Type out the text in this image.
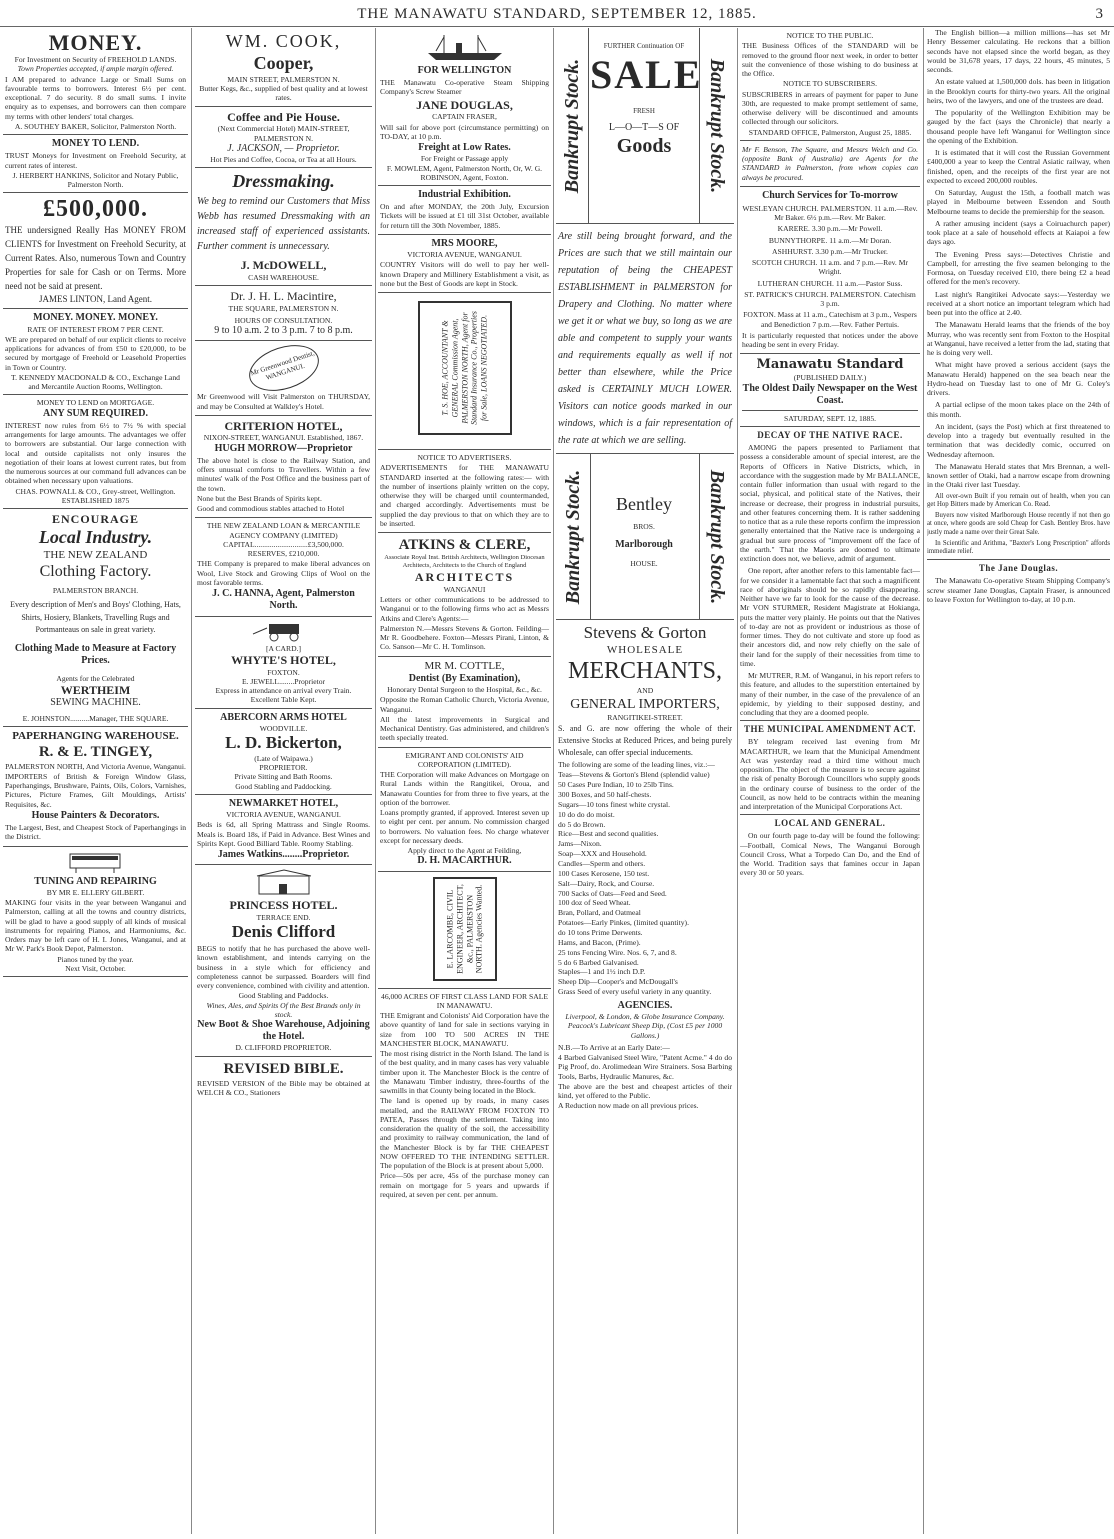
THE MANAWATU STANDARD, SEPTEMBER 12, 1885.	3
MONEY.
For Investment on Security of FREEHOLD LANDS.
Town Properties accepted, if ample margin offered.

I AM prepared to advance Large or Small Sums on favourable terms to borrowers. Interest 6½ per cent. exceptional. 7 do security. 8 do small sums. I invite enquiry as to expenses, and borrowers can then compare my terms with other lenders' total charges.

A. SOUTHEY BAKER, Solicitor, Palmerston North.
MONEY TO LEND.

TRUST Moneys for Investment on Freehold Security, at current rates of interest.

J. HERBERT HANKINS, Solicitor and Notary Public, Palmerston North.
£500,000.

THE undersigned Really Has MONEY FROM CLIENTS for Investment on Freehold Security, at Current Rates. Also, numerous Town and Country Properties for sale for Cash or on Terms. More need not be said at present.

JAMES LINTON, Land Agent.
MONEY. MONEY. MONEY.
RATE OF INTEREST FROM 7 PER CENT.

WE are prepared on behalf of our explicit clients to receive applications for advances of from £50 to £20,000, to be secured by mortgage of Freehold or Leasehold Properties in Town or Country.

T. KENNEDY MACDONALD & CO., Exchange Land and Mercantile Auction Rooms, Wellington.
MONEY TO LEND on MORTGAGE.
ANY SUM REQUIRED.

INTEREST now rules from 6½ to 7½ % with special arrangements for large amounts. The advantages we offer to borrowers are substantial. Our large connection with local and outside capitalists not only insures the negotiation of their loans at lowest current rates, but from the numerous sources at our command full advances can be obtained when necessary upon valuations.

CHAS. POWNALL & CO., Grey-street, Wellington. ESTABLISHED 1875
ENCOURAGE
Local Industry.
THE NEW ZEALAND
Clothing Factory.
PALMERSTON BRANCH.
Every description of Men's and Boys' Clothing, Hats, Shirts, Hosiery, Blankets, Travelling Rugs and Portmanteaus on sale in great variety.
Clothing Made to Measure at Factory Prices.
Agents for the Celebrated
WERTHEIM
SEWING MACHINE.
E. JOHNSTON..........Manager, THE SQUARE.
PAPERHANGING WAREHOUSE.
R. & E. TINGEY,
PALMERSTON NORTH, And Victoria Avenue, Wanganui.

IMPORTERS of British & Foreign Window Glass, Paperhangings, Brushware, Paints, Oils, Colors, Varnishes, Pictures, Picture Frames, Gilt Mouldings, Artists' Requisites, &c.

House Painters & Decorators.

The Largest, Best, and Cheapest Stock of Paperhangings in the District.

TUNING AND REPAIRING
BY MR E. ELLERY GILBERT.

MAKING four visits in the year between Wanganui and Palmerston, calling at all the towns and country districts, will be glad to have a good supply of all kinds of musical instruments for repairing Pianos, and Harmoniums, &c. Orders may be left care of H. I. Jones, Wanganui, and at Mr W. Park's Book Depot, Palmerston.

Pianos tuned by the year.
Next Visit, October.
WM. COOK,
Cooper,
MAIN STREET, PALMERSTON N.
Butter Kegs, &c., supplied of best quality and at lowest rates.
Coffee and Pie House.
(Next Commercial Hotel) MAIN-STREET, PALMERSTON N.
J. JACKSON, — Proprietor.
Hot Pies and Coffee, Cocoa, or Tea at all Hours.
Dressmaking.

We beg to remind our Customers that Miss Webb has resumed Dressmaking with an increased staff of experienced assistants. Further comment is unnecessary.

J. McDOWELL,
CASH WAREHOUSE.
Dr. J. H. L. Macintire,
THE SQUARE, PALMERSTON N.
HOURS OF CONSULTATION.
9 to 10 a.m. 2 to 3 p.m. 7 to 8 p.m.
Mr Greenwood Dentist, WANGANUI.

Mr Greenwood will Visit Palmerston on THURSDAY, and may be Consulted at Walkley's Hotel.

CRITERION HOTEL,
NIXON-STREET, WANGANUI. Established, 1867.
HUGH MORROW—Proprietor

The above hotel is close to the Railway Station, and offers unusual comforts to Travellers. Within a few minutes' walk of the Post Office and the business part of the town.

None but the Best Brands of Spirits kept.

Good and commodious stables attached to Hotel

THE NEW ZEALAND LOAN & MERCANTILE AGENCY COMPANY (LIMITED)
CAPITAL............................£3,500,000.
RESERVES, £210,000.

THE Company is prepared to make liberal advances on Wool, Live Stock and Growing Clips of Wool on the most favorable terms.

J. C. HANNA, Agent, Palmerston North.
[A CARD.]
WHYTE'S HOTEL,
FOXTON.
E. JEWELL........Proprietor
Express in attendance on arrival every Train.
Excellent Table Kept.
ABERCORN ARMS HOTEL
WOODVILLE.
L. D. Bickerton,
(Late of Waipawa.)
PROPRIETOR.
Private Sitting and Bath Rooms.
Good Stabling and Paddocking.
NEWMARKET HOTEL,
VICTORIA AVENUE, WANGANUI.

Beds is 6d, all Spring Mattrass and Single Rooms. Meals is. Board 18s, if Paid in Advance. Best Wines and Spirits Kept. Good Billiard Table. Roomy Stabling.

James Watkins........Proprietor.
PRINCESS HOTEL.
TERRACE END.
Denis Clifford

BEGS to notify that he has purchased the above well-known establishment, and intends carrying on the business in a style which for efficiency and completeness cannot be surpassed. Boarders will find every convenience, combined with civility and attention.

Good Stabling and Paddocks.
Wines, Ales, and Spirits Of the Best Brands only in stock.
New Boot & Shoe Warehouse, Adjoining the Hotel.
D. CLIFFORD PROPRIETOR.
REVISED BIBLE.

REVISED VERSION of the Bible may be obtained at WELCH & CO., Stationers

FOR WELLINGTON

THE Manawatu Co-operative Steam Shipping Company's Screw Steamer

JANE DOUGLAS,
CAPTAIN FRASER,

Will sail for above port (circumstance permitting) on TO-DAY, at 10 p.m.

Freight at Low Rates.
For Freight or Passage apply
F. MOWLEM, Agent, Palmerston North, Or, W. G. ROBINSON, Agent, Foxton.
Industrial Exhibition.

On and after MONDAY, the 20th July, Excursion Tickets will be issued at £1 till 31st October, available for return till the 30th November, 1885.

MRS MOORE,
VICTORIA AVENUE, WANGANUI.

COUNTRY Visitors will do well to pay her well-known Drapery and Millinery Establishment a visit, as none but the Best of Goods are kept in Stock.

T. S. HOE, ACCOUNTANT & GENERAL Commission Agent, PALMERSTON NORTH, Agent for Standard Insurance Co., Properties for Sale, LOANS NEGOTIATED.
NOTICE TO ADVERTISERS.

ADVERTISEMENTS for THE MANAWATU STANDARD inserted at the following rates:— with the number of insertions plainly written on the copy, otherwise they will be charged until countermanded, and charged accordingly. Advertisements must be supplied the day previous to that on which they are to be inserted.

ATKINS & CLERE,
Associate Royal Inst. British Architects, Wellington Diocesan Architects, Architects to the Church of England
ARCHITECTS
WANGANUI

Letters or other communications to be addressed to Wanganui or to the following firms who act as Messrs Atkins and Clere's Agents:—

Palmerston N.—Messrs Stevens & Gorton. Feilding—Mr R. Goodbehere. Foxton—Messrs Pirani, Linton, & Co. Sanson—Mr C. H. Tomlinson.

MR M. COTTLE,
Dentist (By Examination),
Honorary Dental Surgeon to the Hospital, &c., &c.

Opposite the Roman Catholic Church, Victoria Avenue, Wanganui.

All the latest improvements in Surgical and Mechanical Dentistry. Gas administered, and children's teeth specially treated.

EMIGRANT AND COLONISTS' AID CORPORATION (LIMITED).

THE Corporation will make Advances on Mortgage on Rural Lands within the Rangitikei, Oroua, and Manawatu Counties for from three to five years, at the option of the borrower.

Loans promptly granted, if approved. Interest seven up to eight per cent. per annum. No commission charged to borrowers. No valuation fees. No charge whatever except for necessary deeds.

Apply direct to the Agent at Feilding,
D. H. MACARTHUR.
E. LARCOMBE, CIVIL ENGINEER, ARCHITECT, &c., PALMERSTON NORTH. Agencies Wanted.
46,000 ACRES OF FIRST CLASS LAND FOR SALE IN MANAWATU.

THE Emigrant and Colonists' Aid Corporation have the above quantity of land for sale in sections varying in size from 100 TO 500 ACRES IN THE MANCHESTER BLOCK, MANAWATU.

The most rising district in the North Island. The land is of the best quality, and in many cases has very valuable timber upon it. The Manchester Block is the centre of the Manawatu Timber industry, three-fourths of the sawmills in that County being located in the Block.

The land is opened up by roads, in many cases metalled, and the RAILWAY FROM FOXTON TO PATEA, Passes through the settlement. Taking into consideration the quality of the soil, the accessibility and proximity to railway communication, the land of the Manchester Block is by far THE CHEAPEST NOW OFFERED TO THE INTENDING SETTLER. The population of the Block is at present about 5,000.

Price—50s per acre, 45s of the purchase money can remain on mortgage for 5 years and upwards if required, at seven per cent. per annum.

Bankrupt Stock.	Bankrupt Stock.
FURTHER Continuation OF
SALE
FRESH
L—O—T—S OF
Goods

Are still being brought forward, and the Prices are such that we still maintain our reputation of being the CHEAPEST ESTABLISHMENT in PALMERSTON for Drapery and Clothing. No matter where we get it or what we buy, so long as we are able and competent to supply your wants and requirements equally as well if not better than elsewhere, while the Price asked is CERTAINLY MUCH LOWER. Visitors can notice goods marked in our windows, which is a fair representation of the rate at which we are selling.

Bankrupt Stock.	Bankrupt Stock.
Bentley
BROS.
Marlborough
HOUSE.
Stevens & Gorton
WHOLESALE
MERCHANTS,
AND
GENERAL IMPORTERS,
RANGITIKEI-STREET.

S. and G. are now offering the whole of their Extensive Stocks at Reduced Prices, and being purely Wholesale, can offer special inducements.

The following are some of the leading lines, viz.:—

Teas—Stevens & Gorton's Blend (splendid value)
50 Cases Pure Indian, 10 to 25lb Tins.
300 Boxes, and 50 half-chests.
Sugars—10 tons finest white crystal.
10 do do do moist.
do 5 do Brown.
Rice—Best and second qualities.
Jams—Nixon.
Soap—XXX and Household.
Candles—Sperm and others.
100 Cases Kerosene, 150 test.
Salt—Dairy, Rock, and Course.
700 Sacks of Oats—Feed and Seed.
100 doz of Seed Wheat.
Bran, Pollard, and Oatmeal
Potatoes—Early Pinkes, (limited quantity).
do 10 tons Prime Derwents.
Hams, and Bacon, (Prime).
25 tons Fencing Wire. Nos. 6, 7, and 8.
5 do 6 Barbed Galvanised.
Staples—1 and 1½ inch D.P.
Sheep Dip—Cooper's and McDougall's
Grass Seed of every useful variety in any quantity.
AGENCIES.
Liverpool, & London, & Globe Insurance Company.
Peacock's Lubricant Sheep Dip, (Cost £5 per 1000 Gallons.)
N.B.—To Arrive at an Early Date:—

4 Barbed Galvanised Steel Wire, "Patent Acme." 4 do do Pig Proof, do. Arolimedean Wire Strainers. Sosa Barbing Tools, Barbs, Hydraulic Manures, &c.

The above are the best and cheapest articles of their kind, yet offered to the Public.

A Reduction now made on all previous prices.

NOTICE TO THE PUBLIC.

THE Business Offices of the STANDARD will be removed to the ground floor next week, in order to better suit the convenience of those wishing to do business at the Office.

NOTICE TO SUBSCRIBERS.

SUBSCRIBERS in arrears of payment for paper to June 30th, are requested to make prompt settlement of same, otherwise delivery will be discontinued and amounts collected through our solicitors.

STANDARD OFFICE, Palmerston, August 25, 1885.

Mr F. Benson, The Square, and Messrs Welch and Co. (opposite Bank of Australia) are Agents for the STANDARD in Palmerston, from whom copies can always be procured.

Church Services for To-morrow
WESLEYAN CHURCH. PALMERSTON. 11 a.m.—Rev. Mr Baker. 6½ p.m.—Rev. Mr Baker.
KARERE. 3.30 p.m.—Mr Powell.
BUNNYTHORPE. 11 a.m.—Mr Doran.
ASHHURST. 3.30 p.m.—Mr Trucker.
SCOTCH CHURCH. 11 a.m. and 7 p.m.—Rev. Mr Wright.
LUTHERAN CHURCH. 11 a.m.—Pastor Suss.
ST. PATRICK'S CHURCH. PALMERSTON. Catechism 3 p.m.
FOXTON. Mass at 11 a.m., Catechism at 3 p.m., Vespers and Benediction 7 p.m.—Rev. Father Pertuis.

It is particularly requested that notices under the above heading be sent in every Friday.

Manawatu Standard
(PUBLISHED DAILY.)
The Oldest Daily Newspaper on the West Coast.
SATURDAY, SEPT. 12, 1885.
DECAY OF THE NATIVE RACE.

AMONG the papers presented to Parliament that possess a considerable amount of special interest, are the Reports of Officers in Native Districts, which, in accordance with the suggestion made by Mr BALLANCE, contain fuller information than usual with regard to the social, physical, and political state of the Natives, their increase or decrease, their progress in industrial pursuits, and other features concerning them. It is rather saddening to notice that as a rule these reports confirm the impression generally entertained that the Native race is undergoing a gradual but sure process of "improvement off the face of the earth." That the Maoris are doomed to ultimate extinction does not, we believe, admit of argument.

One report, after another refers to this lamentable fact—for we consider it a lamentable fact that such a magnificent race of aboriginals should be so rapidly disappearing. Neither have we far to look for the cause of the decrease. Mr VON STURMER, Resident Magistrate at Hokianga, puts the matter very plainly. He points out that the Natives of to-day are not as provident or industrious as those of former times. They do not cultivate and store up food as their ancestors did, and now rely chiefly on the sale of their land for the supply of their necessities from time to time.

Mr MUTRER, R.M. of Wanganui, in his report refers to this feature, and alludes to the superstition entertained by many of their number, in the case of the prevalence of an epidemic, by yielding to their supposed destiny, and concluding that they are a doomed people.

THE MUNICIPAL AMENDMENT ACT.

BY telegram received last evening from Mr MACARTHUR, we learn that the Municipal Amendment Act was yesterday read a third time without much opposition. The object of the measure is to secure against the risk of penalty Borough Councillors who supply goods in the ordinary course of business to the order of the Council, as now held to be contracts within the meaning and interpretation of the Municipal Corporations Act.

LOCAL AND GENERAL.

On our fourth page to-day will be found the following:—Football, Comical News, The Wanganui Borough Council Cross, What a Torpedo Can Do, and the End of the World. Tradition says that famines occur in Japan every 30 or 50 years.

The English billion—a million millions—has set Mr Henry Bessemer calculating. He reckons that a billion seconds have not elapsed since the world began, as they would be 31,678 years, 17 days, 22 hours, 45 minutes, 5 seconds.

An estate valued at 1,500,000 dols. has been in litigation in the Brooklyn courts for thirty-two years. All the original heirs, two of the lawyers, and one of the trustees are dead.

The popularity of the Wellington Exhibition may be gauged by the fact (says the Chronicle) that nearly a thousand people have left Wanganui for Wellington since the opening of the Exhibition.

It is estimated that it will cost the Russian Government £400,000 a year to keep the Central Asiatic railway, when finished, open, and the receipts of the first year are not expected to exceed 200,000 roubles.

On Saturday, August the 15th, a football match was played in Melbourne between Essendon and South Melbourne teams to decide the premiership for the season.

A rather amusing incident (says a Coiruachurch paper) took place at a sale of household effects at Kaiapoi a few days ago.

The Evening Press says:—Detectives Christie and Campbell, for arresting the five seamen belonging to the Formosa, on Tuesday received £10, there being £2 a head offered for the men's recovery.

Last night's Rangitikei Advocate says:—Yesterday we received at a short notice an important telegram which had been put into the office at 2.40.

The Manawatu Herald learns that the friends of the boy Murray, who was recently sent from Foxton to the Hospital at Wanganui, have received a letter from the lad, stating that he is doing very well.

What might have proved a serious accident (says the Manawatu Herald) happened on the sea beach near the Hydro-head on Tuesday last to one of Mr G. Coley's drivers.

A partial eclipse of the moon takes place on the 24th of this month.

An incident, (says the Post) which at first threatened to develop into a tragedy but eventually resulted in the termination that was decidedly comic, occurred on Wednesday afternoon.

The Manawatu Herald states that Mrs Brennan, a well-known settler of Otaki, had a narrow escape from drowning in the Otaki river last Tuesday.

All over-own Built if you remain out of health, when you can get Hop Bitters made by American Co. Read.

Buyers now visited Marlborough House recently if not then go at once, where goods are sold Cheap for Cash. Bentley Bros. have justly made a name over their Great Sale.

In Scientific and Arithma, "Baxter's Long Prescription" affords immediate relief.

The Jane Douglas.

The Manawatu Co-operative Steam Shipping Company's screw steamer Jane Douglas, Captain Fraser, is announced to leave Foxton for Wellington to-day, at 10 p.m.
